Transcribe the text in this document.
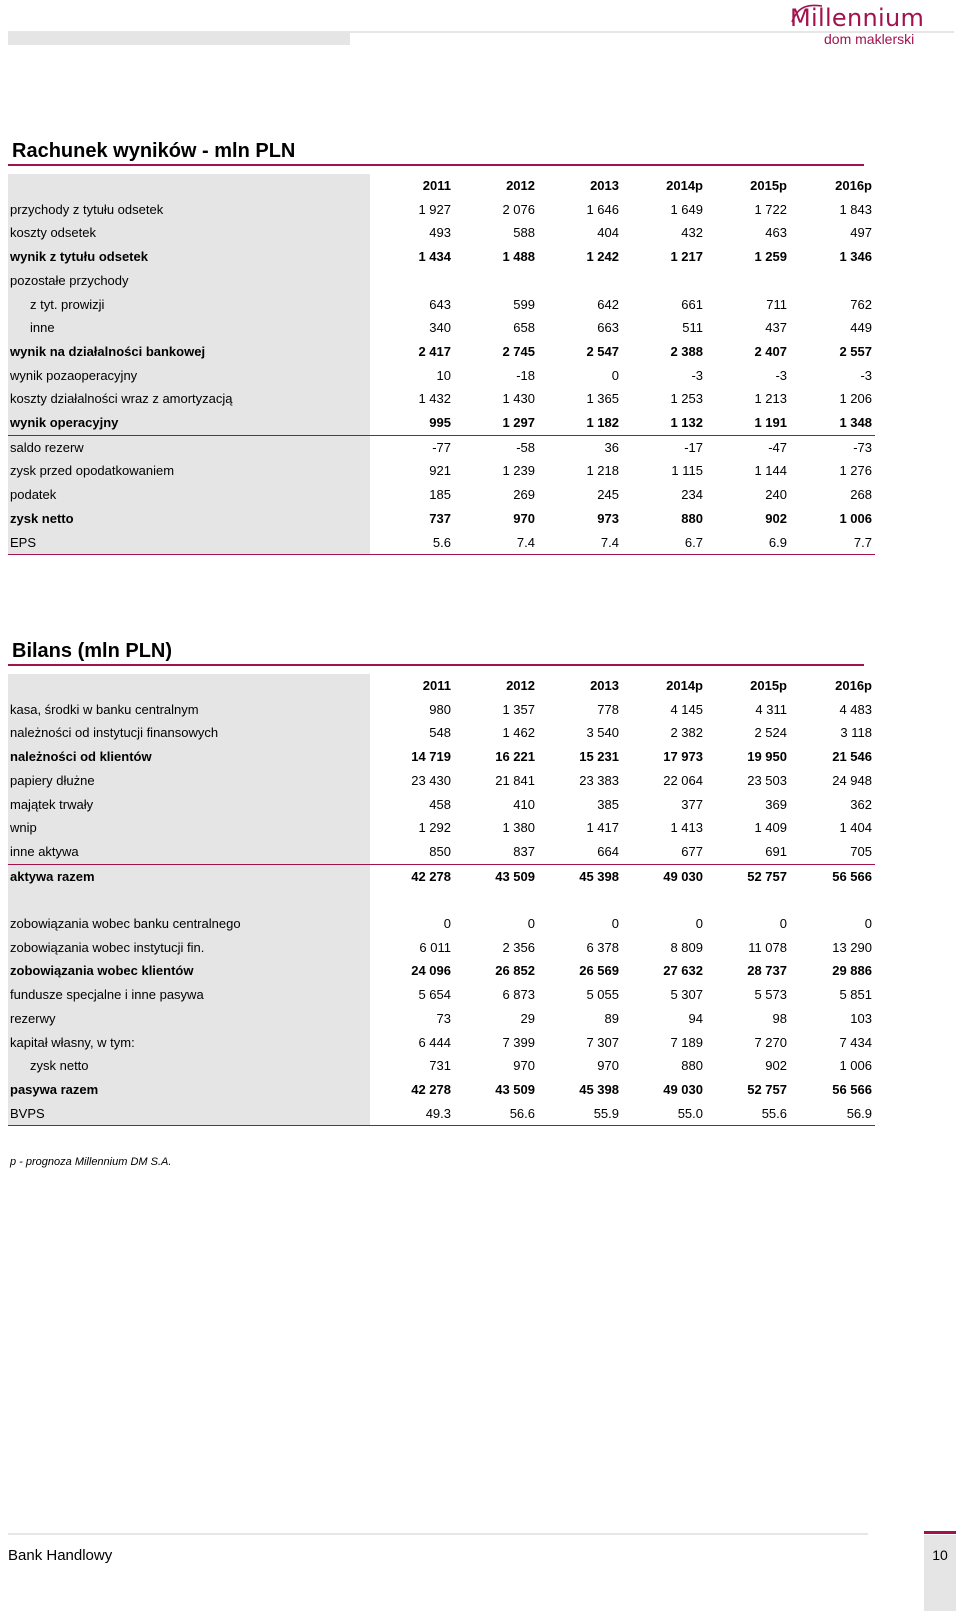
Millennium
dom maklerski
Rachunek wyników - mln PLN
	2011	2012	2013	2014p	2015p	2016p
przychody z tytułu odsetek	1 927	2 076	1 646	1 649	1 722	1 843
koszty odsetek	493	588	404	432	463	497
wynik z tytułu odsetek	1 434	1 488	1 242	1 217	1 259	1 346
pozostałe przychody						
z tyt. prowizji	643	599	642	661	711	762
inne	340	658	663	511	437	449
wynik na działalności bankowej	2 417	2 745	2 547	2 388	2 407	2 557
wynik pozaoperacyjny	10	-18	0	-3	-3	-3
koszty działalności wraz z amortyzacją	1 432	1 430	1 365	1 253	1 213	1 206
wynik operacyjny	995	1 297	1 182	1 132	1 191	1 348
saldo rezerw	-77	-58	36	-17	-47	-73
zysk przed opodatkowaniem	921	1 239	1 218	1 115	1 144	1 276
podatek	185	269	245	234	240	268
zysk netto	737	970	973	880	902	1 006
EPS	5.6	7.4	7.4	6.7	6.9	7.7
Bilans (mln PLN)
	2011	2012	2013	2014p	2015p	2016p
kasa, środki w banku centralnym	980	1 357	778	4 145	4 311	4 483
należności od instytucji finansowych	548	1 462	3 540	2 382	2 524	3 118
należności od klientów	14 719	16 221	15 231	17 973	19 950	21 546
papiery dłużne	23 430	21 841	23 383	22 064	23 503	24 948
majątek trwały	458	410	385	377	369	362
wnip	1 292	1 380	1 417	1 413	1 409	1 404
inne aktywa	850	837	664	677	691	705
aktywa razem	42 278	43 509	45 398	49 030	52 757	56 566

zobowiązania wobec banku centralnego	0	0	0	0	0	0
zobowiązania wobec instytucji fin.	6 011	2 356	6 378	8 809	11 078	13 290
zobowiązania wobec klientów	24 096	26 852	26 569	27 632	28 737	29 886
fundusze specjalne i inne pasywa	5 654	6 873	5 055	5 307	5 573	5 851
rezerwy	73	29	89	94	98	103
kapitał własny, w tym:	6 444	7 399	7 307	7 189	7 270	7 434
zysk netto	731	970	970	880	902	1 006
pasywa razem	42 278	43 509	45 398	49 030	52 757	56 566
BVPS	49.3	56.6	55.9	55.0	55.6	56.9
p - prognoza Millennium DM S.A.
Bank Handlowy	10
